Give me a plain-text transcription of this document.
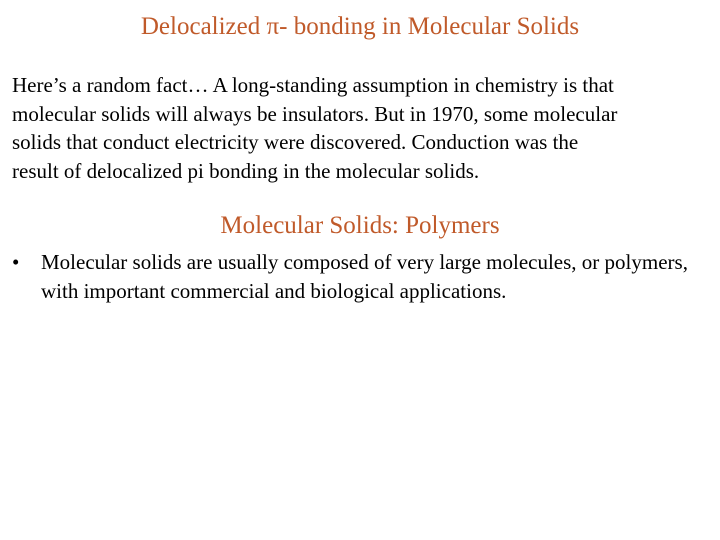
Delocalized π- bonding in Molecular Solids

Here’s a random fact… A long-standing assumption in chemistry is that

molecular solids will always be insulators. But in 1970, some molecular

solids that conduct electricity were discovered. Conduction was the

result of delocalized pi bonding in the molecular solids.

Molecular Solids: Polymers
• Molecular solids are usually composed of very large molecules, or polymers, with important commercial and biological applications.
